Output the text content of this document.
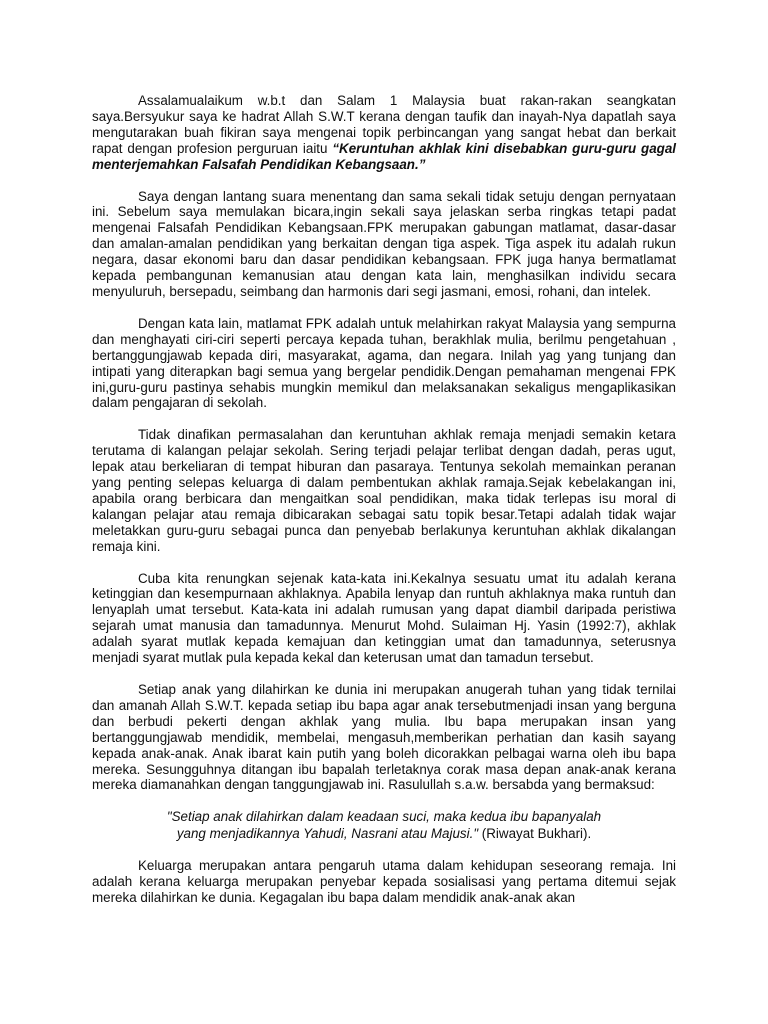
Assalamualaikum w.b.t dan Salam 1 Malaysia buat rakan-rakan seangkatan saya.Bersyukur saya ke hadrat Allah S.W.T kerana dengan taufik dan inayah-Nya dapatlah saya mengutarakan buah fikiran saya mengenai topik perbincangan yang sangat hebat dan berkait rapat dengan profesion perguruan iaitu “Keruntuhan akhlak kini disebabkan guru-guru gagal menterjemahkan Falsafah Pendidikan Kebangsaan.”

Saya dengan lantang suara menentang dan sama sekali tidak setuju dengan pernyataan ini. Sebelum saya memulakan bicara,ingin sekali saya jelaskan serba ringkas tetapi padat mengenai Falsafah Pendidikan Kebangsaan.FPK merupakan gabungan matlamat, dasar-dasar dan amalan-amalan pendidikan yang berkaitan dengan tiga aspek. Tiga aspek itu adalah rukun negara, dasar ekonomi baru dan dasar pendidikan kebangsaan. FPK juga hanya bermatlamat kepada pembangunan kemanusian atau dengan kata lain, menghasilkan individu secara menyuluruh, bersepadu, seimbang dan harmonis dari segi jasmani, emosi, rohani, dan intelek.

Dengan kata lain, matlamat FPK adalah untuk melahirkan rakyat Malaysia yang sempurna dan menghayati ciri-ciri seperti percaya kepada tuhan, berakhlak mulia, berilmu pengetahuan , bertanggungjawab kepada diri, masyarakat, agama, dan negara. Inilah yag yang tunjang dan intipati yang diterapkan bagi semua yang bergelar pendidik.Dengan pemahaman mengenai FPK ini,guru-guru pastinya sehabis mungkin memikul dan melaksanakan sekaligus mengaplikasikan dalam pengajaran di sekolah.

Tidak dinafikan permasalahan dan keruntuhan akhlak remaja menjadi semakin ketara terutama di kalangan pelajar sekolah. Sering terjadi pelajar terlibat dengan dadah, peras ugut, lepak atau berkeliaran di tempat hiburan dan pasaraya. Tentunya sekolah memainkan peranan yang penting selepas keluarga di dalam pembentukan akhlak ramaja.Sejak kebelakangan ini, apabila orang berbicara dan mengaitkan soal pendidikan, maka tidak terlepas isu moral di kalangan pelajar atau remaja dibicarakan sebagai satu topik besar.Tetapi adalah tidak wajar meletakkan guru-guru sebagai punca dan penyebab berlakunya keruntuhan akhlak dikalangan remaja kini.

Cuba kita renungkan sejenak kata-kata ini.Kekalnya sesuatu umat itu adalah kerana ketinggian dan kesempurnaan akhlaknya. Apabila lenyap dan runtuh akhlaknya maka runtuh dan lenyaplah umat tersebut. Kata-kata ini adalah rumusan yang dapat diambil daripada peristiwa sejarah umat manusia dan tamadunnya. Menurut Mohd. Sulaiman Hj. Yasin (1992:7), akhlak adalah syarat mutlak kepada kemajuan dan ketinggian umat dan tamadunnya, seterusnya menjadi syarat mutlak pula kepada kekal dan keterusan umat dan tamadun tersebut.

Setiap anak yang dilahirkan ke dunia ini merupakan anugerah tuhan yang tidak ternilai dan amanah Allah S.W.T. kepada setiap ibu bapa agar anak tersebutmenjadi insan yang berguna dan berbudi pekerti dengan akhlak yang mulia. Ibu bapa merupakan insan yang bertanggungjawab mendidik, membelai, mengasuh,memberikan perhatian dan kasih sayang kepada anak-anak. Anak ibarat kain putih yang boleh dicorakkan pelbagai warna oleh ibu bapa mereka. Sesungguhnya ditangan ibu bapalah terletaknya corak masa depan anak-anak kerana mereka diamanahkan dengan tanggungjawab ini. Rasulullah s.a.w. bersabda yang bermaksud:

"Setiap anak dilahirkan dalam keadaan suci, maka kedua ibu bapanyalah
yang menjadikannya Yahudi, Nasrani atau Majusi." (Riwayat Bukhari).

Keluarga merupakan antara pengaruh utama dalam kehidupan seseorang remaja. Ini adalah kerana keluarga merupakan penyebar kepada sosialisasi yang pertama ditemui sejak mereka dilahirkan ke dunia. Kegagalan ibu bapa dalam mendidik anak-anak akan
